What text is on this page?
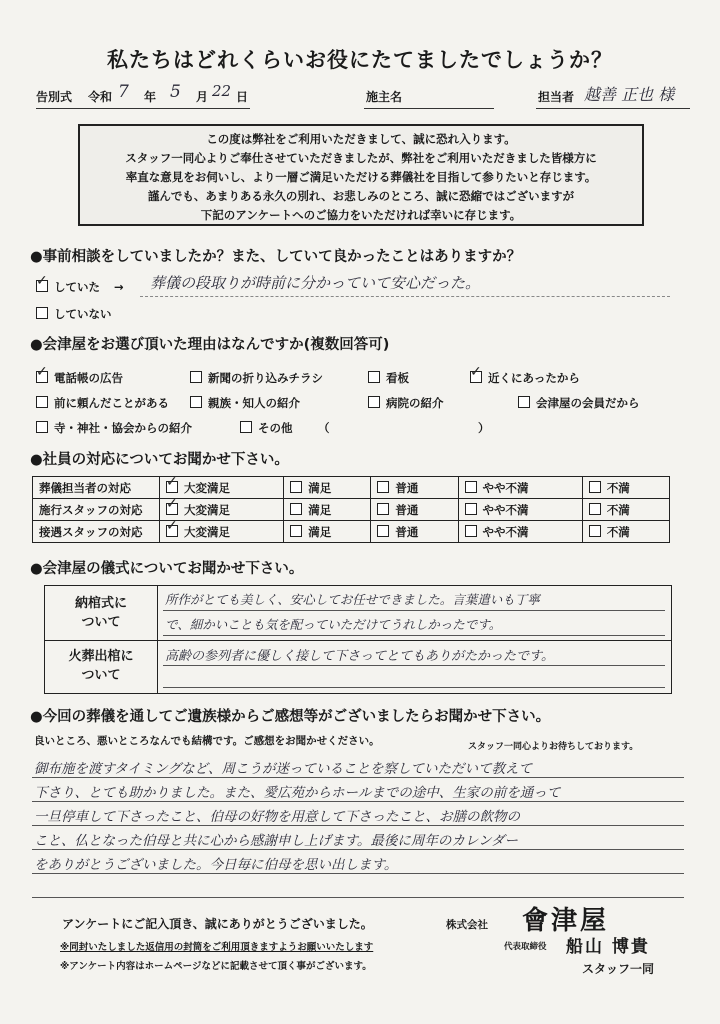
私たちはどれくらいお役にたてましたでしょうか？
告別式 令和 7 年 5 月 22 日	施主名	担当者 越善 正也 様
この度は弊社をご利用いただきまして、誠に恐れ入ります。
スタッフ一同心よりご奉仕させていただきましたが、弊社をご利用いただきました皆様方に
率直な意見をお伺いし、より一層ご満足いただける葬儀社を目指して参りたいと存じます。
謹んでも、あまりある永久の別れ、お悲しみのところ、誠に恐縮ではございますが
下記のアンケートへのご協力をいただければ幸いに存じます。
●事前相談をしていましたか？また、していて良かったことはありますか？
✓していた → 葬儀の段取りが時前に分かっていて安心だった。
していない
●会津屋をお選び頂いた理由はなんですか(複数回答可)
✓電話帳の広告	新聞の折り込みチラシ	看板 ✓	近くにあったから
前に頼んだことがある	親族・知人の紹介	病院の紹介	会津屋の会員だから
寺・神社・協会からの紹介	その他 （	）
●社員の対応についてお聞かせ下さい。
葬儀担当者の対応	✓大変満足	満足	普通	やや不満	不満
施行スタッフの対応	✓大変満足	満足	普通	やや不満	不満
接遇スタッフの対応	✓大変満足	満足	普通	やや不満	不満
●会津屋の儀式についてお聞かせ下さい。
納棺式に
ついて
所作がとても美しく、安心してお任せできました。言葉遣いも丁寧
で、細かいことも気を配っていただけてうれしかったです。
火葬出棺に
ついて
高齢の参列者に優しく接して下さってとてもありがたかったです。
●今回の葬儀を通してご遺族様からご感想等がございましたらお聞かせ下さい。
良いところ、悪いところなんでも結構です。ご感想をお聞かせください。	スタッフ一同心よりお待ちしております。
御布施を渡すタイミングなど、周こうが迷っていることを察していただいて教えて
下さり、とても助かりました。また、愛広苑からホールまでの途中、生家の前を通って
一旦停車して下さったこと、伯母の好物を用意して下さったこと、お膳の飲物の
こと、仏となった伯母と共に心から感謝申し上げます。最後に周年のカレンダー
をありがとうございました。今日毎に伯母を思い出します。
アンケートにご記入頂き、誠にありがとうございました。
※同封いたしました返信用の封筒をご利用頂きますようお願いいたします
※アンケート内容はホームページなどに記載させて頂く事がございます。
株式会社 會津屋
代表取締役 船山 博貴
スタッフ一同
